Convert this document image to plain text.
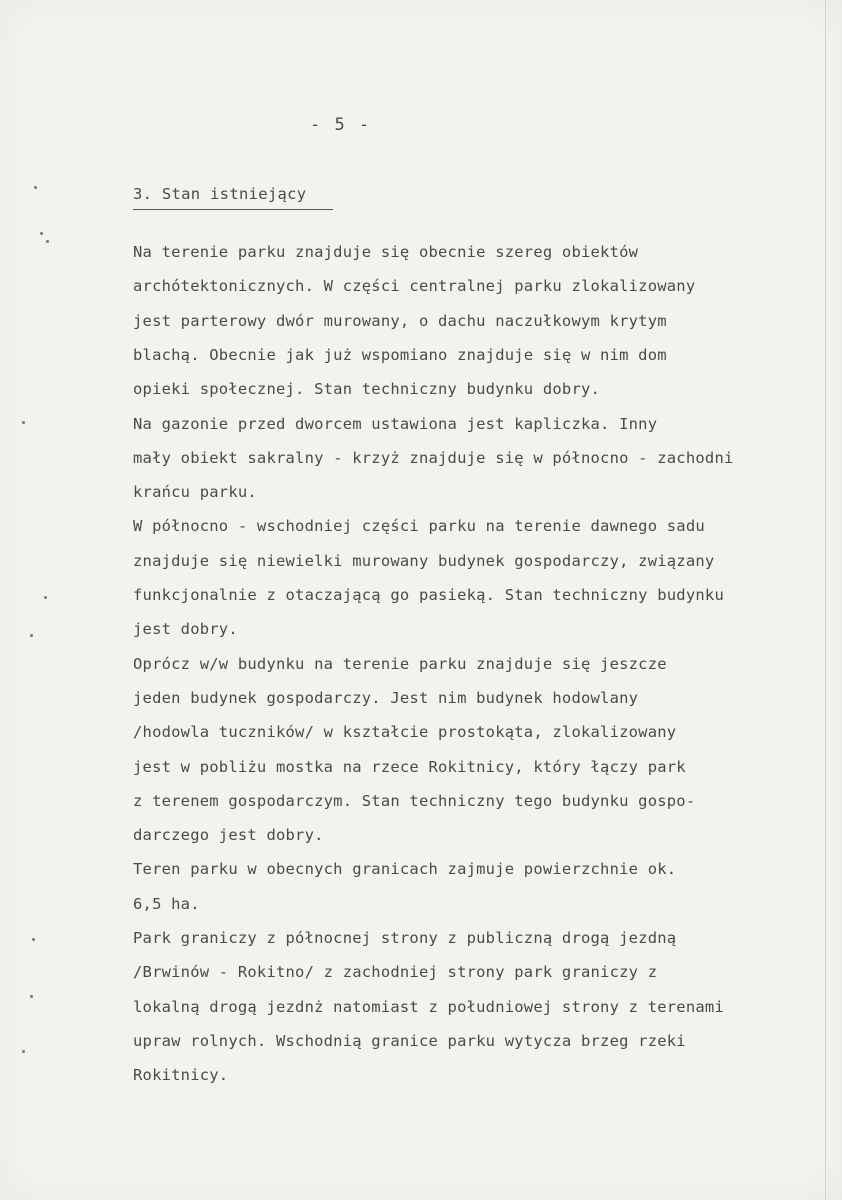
- 5 -
3. Stan istniejący
Na terenie parku znajduje się obecnie szereg obiektów
archótektonicznych. W części centralnej parku zlokalizowany
jest parterowy dwór murowany, o dachu naczułkowym krytym
blachą. Obecnie jak już wspomiano znajduje się w nim dom
opieki społecznej. Stan techniczny budynku dobry.
Na gazonie przed dworcem ustawiona jest kapliczka. Inny
mały obiekt sakralny - krzyż znajduje się w północno - zachodni
krańcu parku.
W północno - wschodniej części parku na terenie dawnego sadu
znajduje się niewielki murowany budynek gospodarczy, związany
funkcjonalnie z otaczającą go pasieką. Stan techniczny budynku
jest dobry.
Oprócz w/w budynku na terenie parku znajduje się jeszcze
jeden budynek gospodarczy. Jest nim budynek hodowlany
/hodowla tuczników/ w kształcie prostokąta, zlokalizowany
jest w pobliżu mostka na rzece Rokitnicy, który łączy park
z terenem gospodarczym. Stan techniczny tego budynku gospo-
darczego jest dobry.
Teren parku w obecnych granicach zajmuje powierzchnie ok.
6,5 ha.
Park graniczy z północnej strony z publiczną drogą jezdną
/Brwinów - Rokitno/ z zachodniej strony park graniczy z
lokalną drogą jezdnż natomiast z południowej strony z terenami
upraw rolnych. Wschodnią granice parku wytycza brzeg rzeki
Rokitnicy.
